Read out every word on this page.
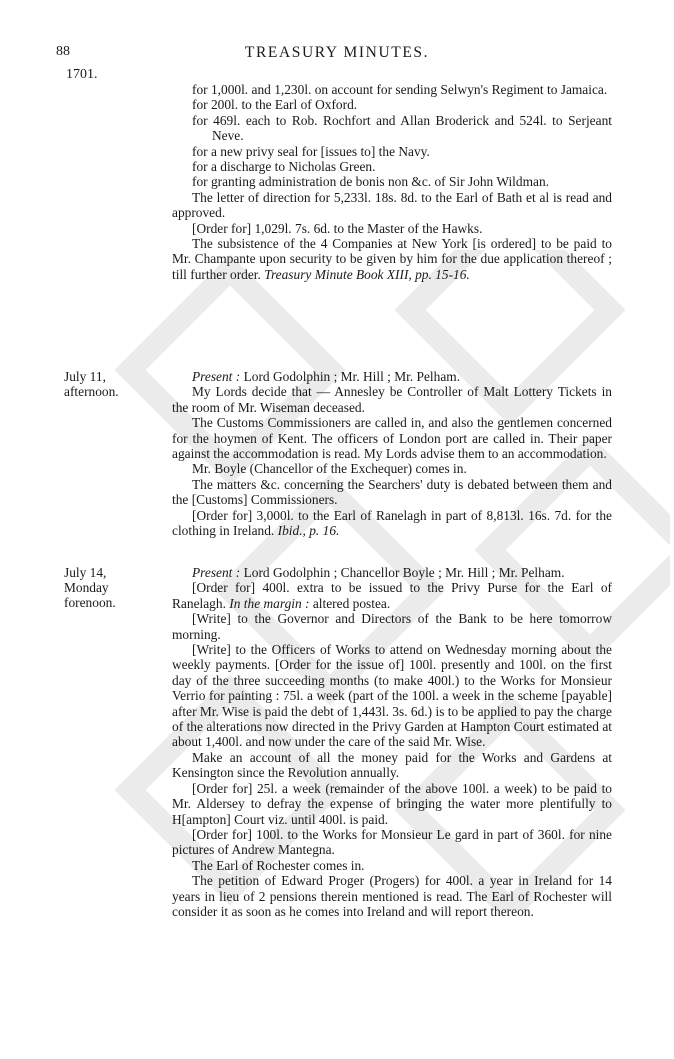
88	TREASURY MINUTES.
1701.

for 1,000l. and 1,230l. on account for sending Selwyn's Regiment to Jamaica.

for 200l. to the Earl of Oxford.

for 469l. each to Rob. Rochfort and Allan Broderick and 524l. to Serjeant Neve.

for a new privy seal for [issues to] the Navy.

for a discharge to Nicholas Green.

for granting administration de bonis non &c. of Sir John Wildman.

The letter of direction for 5,233l. 18s. 8d. to the Earl of Bath et al is read and approved.

[Order for] 1,029l. 7s. 6d. to the Master of the Hawks.

The subsistence of the 4 Companies at New York [is ordered] to be paid to Mr. Champante upon security to be given by him for the due application thereof ; till further order. Treasury Minute Book XIII, pp. 15-16.

July 11,
afternoon.

Present : Lord Godolphin ; Mr. Hill ; Mr. Pelham.

My Lords decide that — Annesley be Controller of Malt Lottery Tickets in the room of Mr. Wiseman deceased.

The Customs Commissioners are called in, and also the gentlemen concerned for the hoymen of Kent. The officers of London port are called in. Their paper against the accommodation is read. My Lords advise them to an accommodation.

Mr. Boyle (Chancellor of the Exchequer) comes in.

The matters &c. concerning the Searchers' duty is debated between them and the [Customs] Commissioners.

[Order for] 3,000l. to the Earl of Ranelagh in part of 8,813l. 16s. 7d. for the clothing in Ireland. Ibid., p. 16.

July 14,
Monday
forenoon.

Present : Lord Godolphin ; Chancellor Boyle ; Mr. Hill ; Mr. Pelham.

[Order for] 400l. extra to be issued to the Privy Purse for the Earl of Ranelagh. In the margin : altered postea.

[Write] to the Governor and Directors of the Bank to be here tomorrow morning.

[Write] to the Officers of Works to attend on Wednesday morning about the weekly payments. [Order for the issue of] 100l. presently and 100l. on the first day of the three succeeding months (to make 400l.) to the Works for Monsieur Verrio for painting : 75l. a week (part of the 100l. a week in the scheme [payable] after Mr. Wise is paid the debt of 1,443l. 3s. 6d.) is to be applied to pay the charge of the alterations now directed in the Privy Garden at Hampton Court estimated at about 1,400l. and now under the care of the said Mr. Wise.

Make an account of all the money paid for the Works and Gardens at Kensington since the Revolution annually.

[Order for] 25l. a week (remainder of the above 100l. a week) to be paid to Mr. Aldersey to defray the expense of bringing the water more plentifully to H[ampton] Court viz. until 400l. is paid.

[Order for] 100l. to the Works for Monsieur Le gard in part of 360l. for nine pictures of Andrew Mantegna.

The Earl of Rochester comes in.

The petition of Edward Proger (Progers) for 400l. a year in Ireland for 14 years in lieu of 2 pensions therein mentioned is read. The Earl of Rochester will consider it as soon as he comes into Ireland and will report thereon.
